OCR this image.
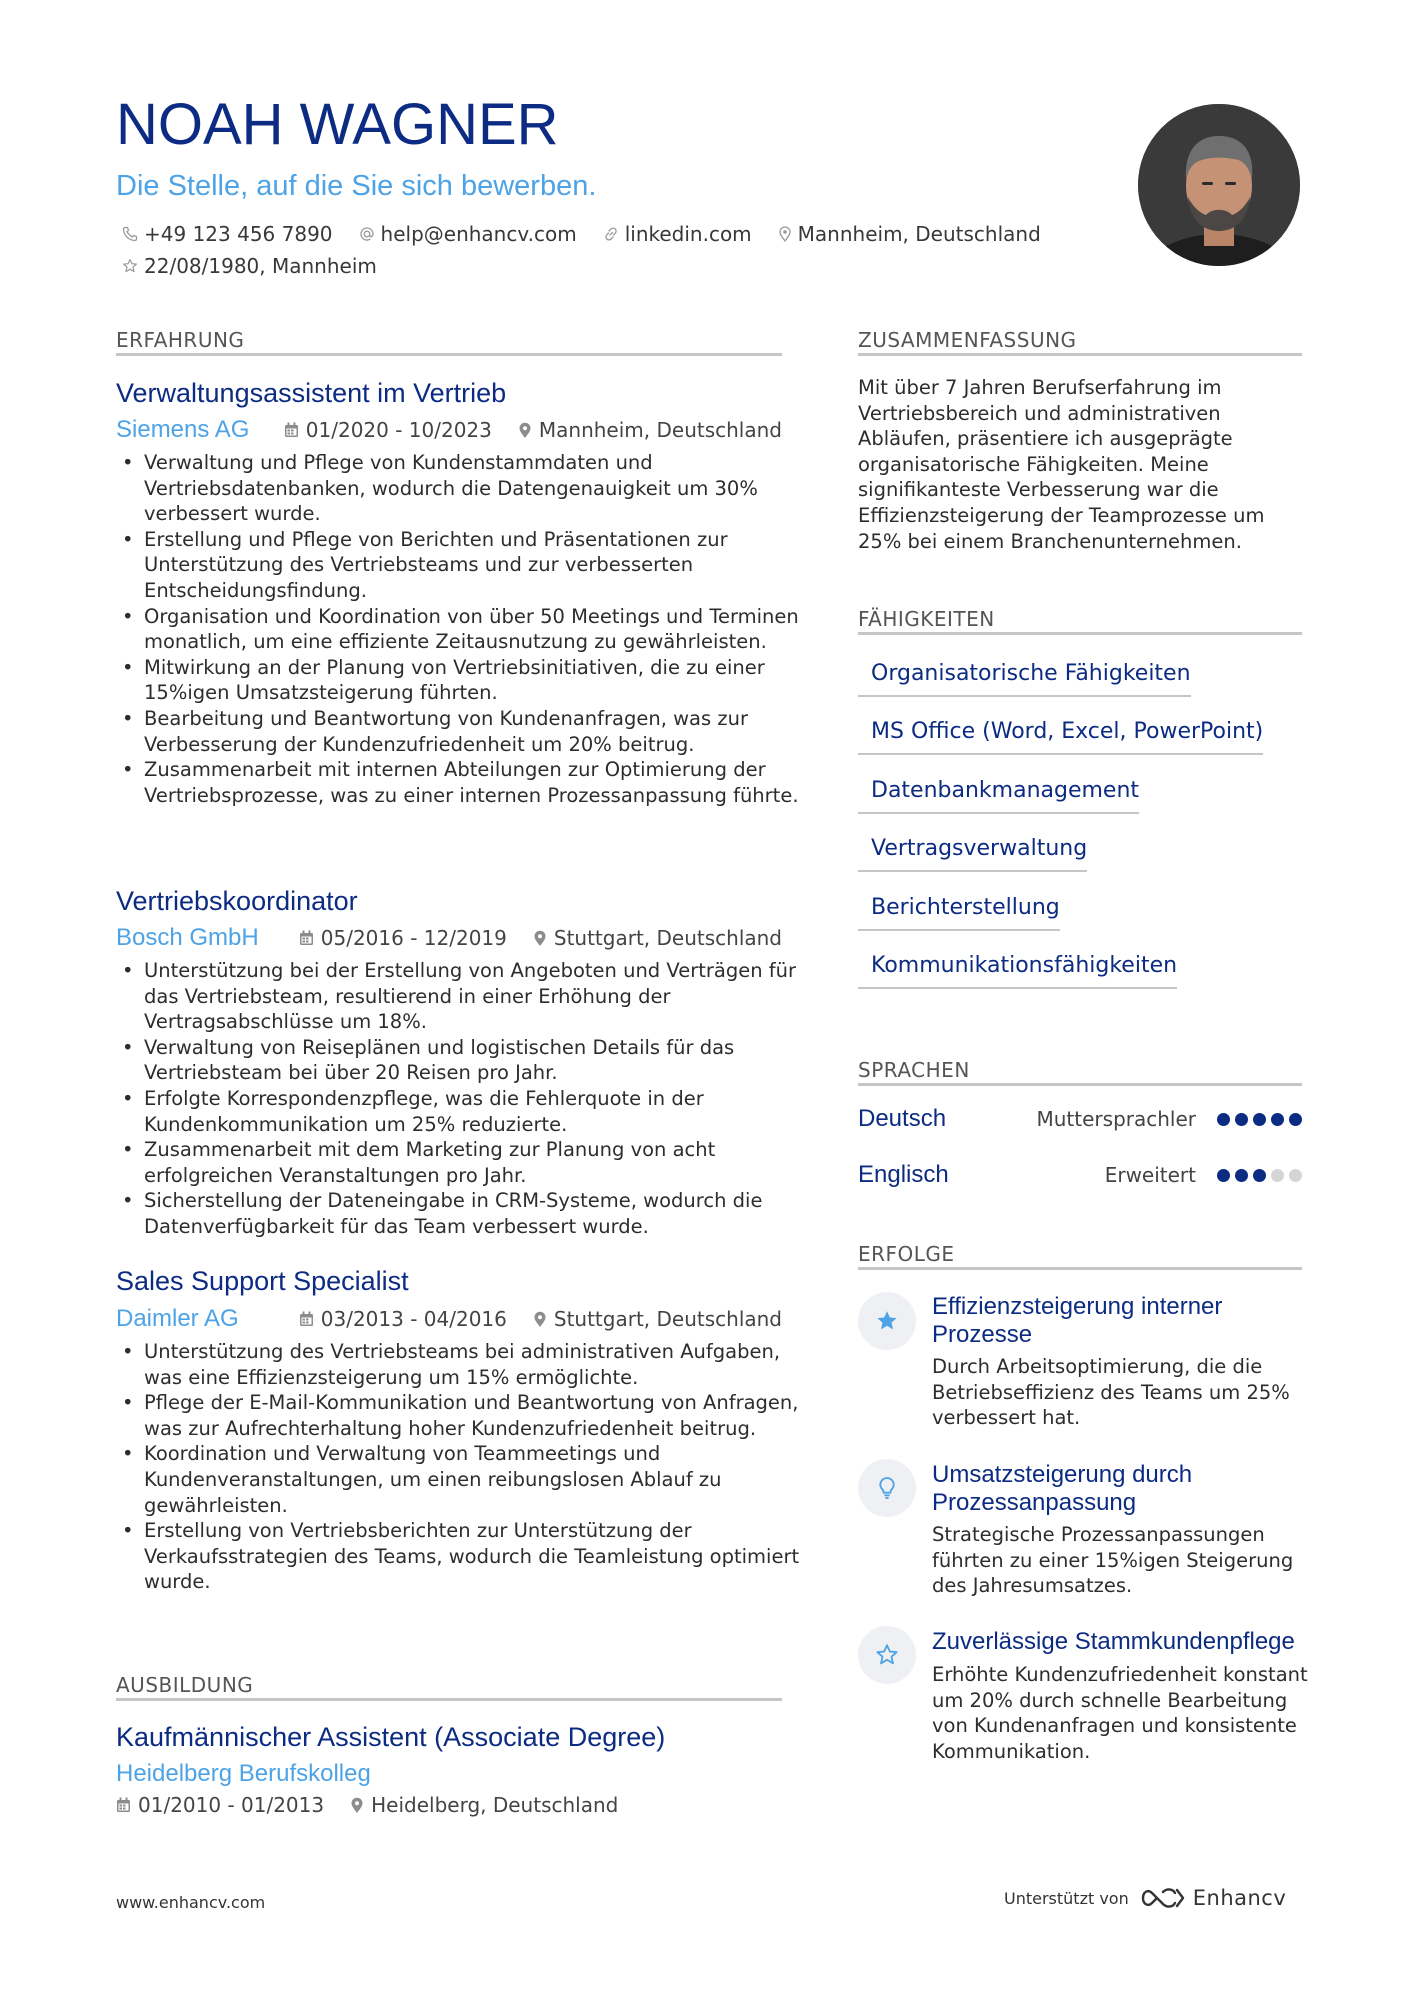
NOAH WAGNER
Die Stelle, auf die Sie sich bewerben.
+49 123 456 7890 help@enhancv.com linkedin.com Mannheim, Deutschland
22/08/1980, Mannheim
ERFAHRUNG
Verwaltungsassistent im Vertrieb
Siemens AG	01/2020 - 10/2023 Mannheim, Deutschland
• Verwaltung und Pflege von Kundenstammdaten und Vertriebsdatenbanken, wodurch die Datengenauigkeit um 30% verbessert wurde.
• Erstellung und Pflege von Berichten und Präsentationen zur Unterstützung des Vertriebsteams und zur verbesserten Entscheidungsfindung.
• Organisation und Koordination von über 50 Meetings und Terminen monatlich, um eine effiziente Zeitausnutzung zu gewährleisten.
• Mitwirkung an der Planung von Vertriebsinitiativen, die zu einer 15%igen Umsatzsteigerung führten.
• Bearbeitung und Beantwortung von Kundenanfragen, was zur Verbesserung der Kundenzufriedenheit um 20% beitrug.
• Zusammenarbeit mit internen Abteilungen zur Optimierung der Vertriebsprozesse, was zu einer internen Prozessanpassung führte.
Vertriebskoordinator
Bosch GmbH	05/2016 - 12/2019 Stuttgart, Deutschland
• Unterstützung bei der Erstellung von Angeboten und Verträgen für das Vertriebsteam, resultierend in einer Erhöhung der Vertragsabschlüsse um 18%.
• Verwaltung von Reiseplänen und logistischen Details für das Vertriebsteam bei über 20 Reisen pro Jahr.
• Erfolgte Korrespondenzpflege, was die Fehlerquote in der Kundenkommunikation um 25% reduzierte.
• Zusammenarbeit mit dem Marketing zur Planung von acht erfolgreichen Veranstaltungen pro Jahr.
• Sicherstellung der Dateneingabe in CRM-Systeme, wodurch die Datenverfügbarkeit für das Team verbessert wurde.
Sales Support Specialist
Daimler AG	03/2013 - 04/2016 Stuttgart, Deutschland
• Unterstützung des Vertriebsteams bei administrativen Aufgaben, was eine Effizienzsteigerung um 15% ermöglichte.
• Pflege der E-Mail-Kommunikation und Beantwortung von Anfragen, was zur Aufrechterhaltung hoher Kundenzufriedenheit beitrug.
• Koordination und Verwaltung von Teammeetings und Kundenveranstaltungen, um einen reibungslosen Ablauf zu gewährleisten.
• Erstellung von Vertriebsberichten zur Unterstützung der Verkaufsstrategien des Teams, wodurch die Teamleistung optimiert wurde.
AUSBILDUNG
Kaufmännischer Assistent (Associate Degree)
Heidelberg Berufskolleg
01/2010 - 01/2013 Heidelberg, Deutschland
ZUSAMMENFASSUNG
Mit über 7 Jahren Berufserfahrung im Vertriebsbereich und administrativen Abläufen, präsentiere ich ausgeprägte organisatorische Fähigkeiten. Meine signifikanteste Verbesserung war die Effizienzsteigerung der Teamprozesse um 25% bei einem Branchenunternehmen.
FÄHIGKEITEN
Organisatorische Fähigkeiten
MS Office (Word, Excel, PowerPoint)
Datenbankmanagement
Vertragsverwaltung
Berichterstellung
Kommunikationsfähigkeiten
SPRACHEN
Deutsch	Muttersprachler
Englisch	Erweitert
ERFOLGE
Effizienzsteigerung interner Prozesse
Durch Arbeitsoptimierung, die die Betriebseffizienz des Teams um 25% verbessert hat.
Umsatzsteigerung durch Prozessanpassung
Strategische Prozessanpassungen führten zu einer 15%igen Steigerung des Jahresumsatzes.
Zuverlässige Stammkundenpflege
Erhöhte Kundenzufriedenheit konstant um 20% durch schnelle Bearbeitung von Kundenanfragen und konsistente Kommunikation.
www.enhancv.com	Unterstützt von	Enhancv
